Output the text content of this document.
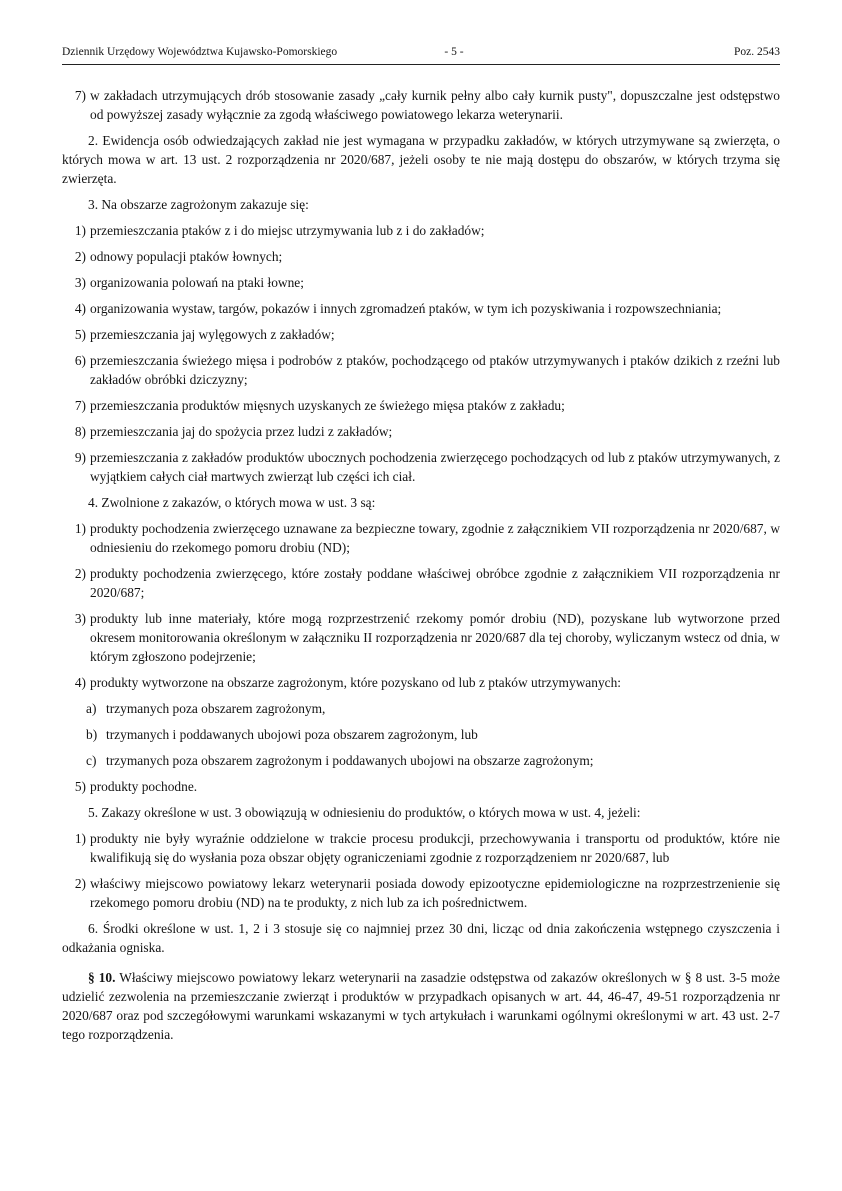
Dziennik Urzędowy Województwa Kujawsko-Pomorskiego	- 5 -	Poz. 2543
7) w zakładach utrzymujących drób stosowanie zasady „cały kurnik pełny albo cały kurnik pusty", dopuszczalne jest odstępstwo od powyższej zasady wyłącznie za zgodą właściwego powiatowego lekarza weterynarii.

2. Ewidencja osób odwiedzających zakład nie jest wymagana w przypadku zakładów, w których utrzymywane są zwierzęta, o których mowa w art. 13 ust. 2 rozporządzenia nr 2020/687, jeżeli osoby te nie mają dostępu do obszarów, w których trzyma się zwierzęta.

3. Na obszarze zagrożonym zakazuje się:

1) przemieszczania ptaków z i do miejsc utrzymywania lub z i do zakładów;
2) odnowy populacji ptaków łownych;
3) organizowania polowań na ptaki łowne;
4) organizowania wystaw, targów, pokazów i innych zgromadzeń ptaków, w tym ich pozyskiwania i rozpowszechniania;
5) przemieszczania jaj wylęgowych z zakładów;
6) przemieszczania świeżego mięsa i podrobów z ptaków, pochodzącego od ptaków utrzymywanych i ptaków dzikich z rzeźni lub zakładów obróbki dziczyzny;
7) przemieszczania produktów mięsnych uzyskanych ze świeżego mięsa ptaków z zakładu;
8) przemieszczania jaj do spożycia przez ludzi z zakładów;
9) przemieszczania z zakładów produktów ubocznych pochodzenia zwierzęcego pochodzących od lub z ptaków utrzymywanych, z wyjątkiem całych ciał martwych zwierząt lub części ich ciał.

4. Zwolnione z zakazów, o których mowa w ust. 3 są:

1) produkty pochodzenia zwierzęcego uznawane za bezpieczne towary, zgodnie z załącznikiem VII rozporządzenia nr 2020/687, w odniesieniu do rzekomego pomoru drobiu (ND);
2) produkty pochodzenia zwierzęcego, które zostały poddane właściwej obróbce zgodnie z załącznikiem VII rozporządzenia nr 2020/687;
3) produkty lub inne materiały, które mogą rozprzestrzenić rzekomy pomór drobiu (ND), pozyskane lub wytworzone przed okresem monitorowania określonym w załączniku II rozporządzenia nr 2020/687 dla tej choroby, wyliczanym wstecz od dnia, w którym zgłoszono podejrzenie;
4) produkty wytworzone na obszarze zagrożonym, które pozyskano od lub z ptaków utrzymywanych:
a) trzymanych poza obszarem zagrożonym,
b) trzymanych i poddawanych ubojowi poza obszarem zagrożonym, lub
c) trzymanych poza obszarem zagrożonym i poddawanych ubojowi na obszarze zagrożonym;
5) produkty pochodne.

5. Zakazy określone w ust. 3 obowiązują w odniesieniu do produktów, o których mowa w ust. 4, jeżeli:

1) produkty nie były wyraźnie oddzielone w trakcie procesu produkcji, przechowywania i transportu od produktów, które nie kwalifikują się do wysłania poza obszar objęty ograniczeniami zgodnie z rozporządzeniem nr 2020/687, lub
2) właściwy miejscowo powiatowy lekarz weterynarii posiada dowody epizootyczne epidemiologiczne na rozprzestrzenienie się rzekomego pomoru drobiu (ND) na te produkty, z nich lub za ich pośrednictwem.

6. Środki określone w ust. 1, 2 i 3 stosuje się co najmniej przez 30 dni, licząc od dnia zakończenia wstępnego czyszczenia i odkażania ogniska.

§ 10. Właściwy miejscowo powiatowy lekarz weterynarii na zasadzie odstępstwa od zakazów określonych w § 8 ust. 3-5 może udzielić zezwolenia na przemieszczanie zwierząt i produktów w przypadkach opisanych w art. 44, 46-47, 49-51 rozporządzenia nr 2020/687 oraz pod szczegółowymi warunkami wskazanymi w tych artykułach i warunkami ogólnymi określonymi w art. 43 ust. 2-7 tego rozporządzenia.
